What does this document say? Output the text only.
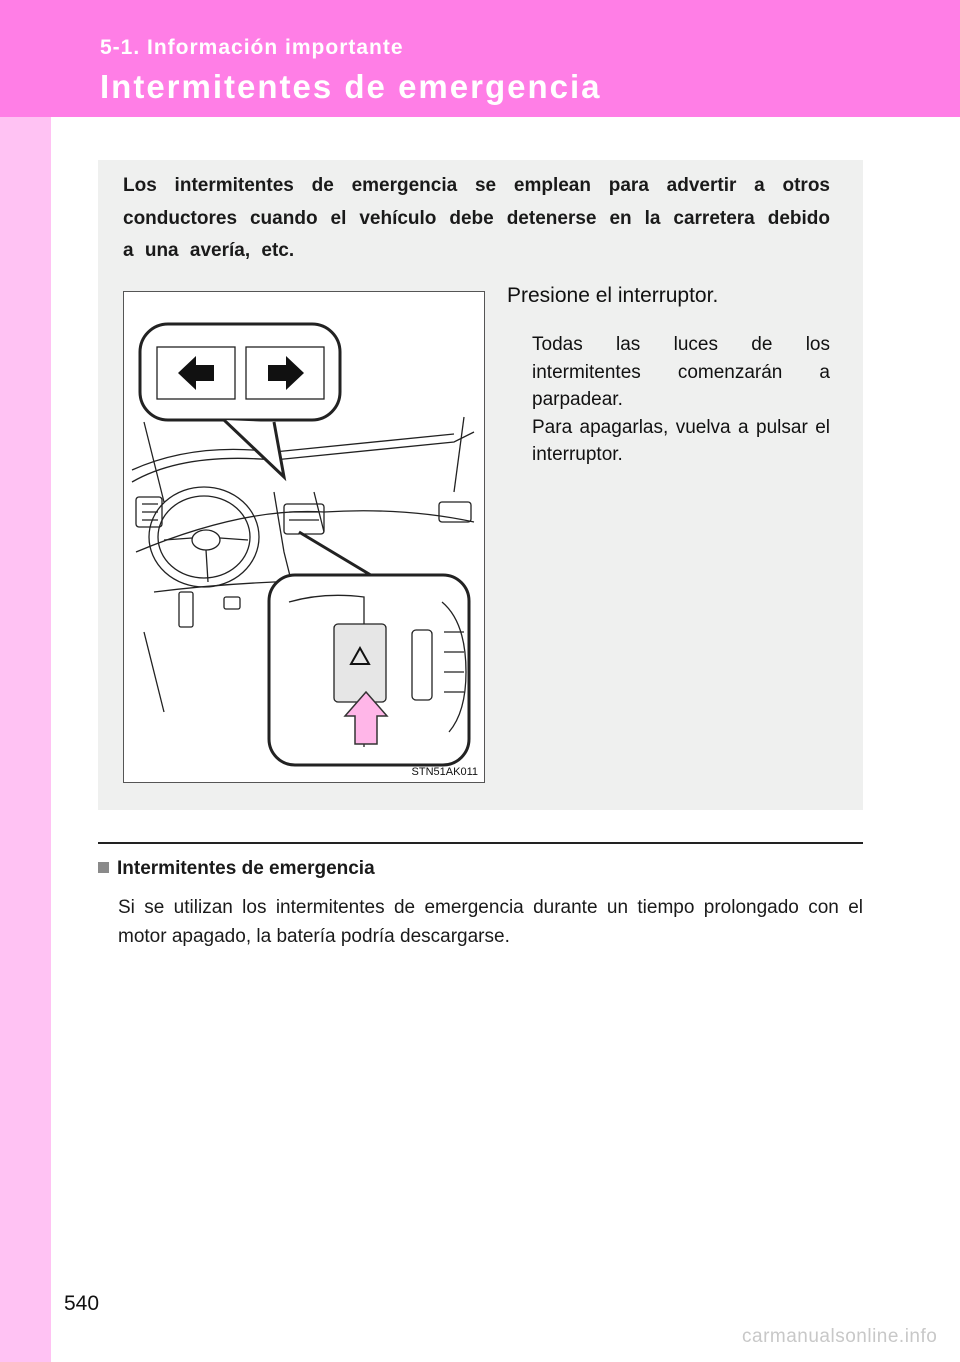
5-1. Información importante
Intermitentes de emergencia
Los intermitentes de emergencia se emplean para advertir a otros conductores cuando el vehículo debe detenerse en la carretera debido a una avería, etc.
STN51AK011
Presione el interruptor.

Todas las luces de los intermitentes comenzarán a parpadear.

Para apagarlas, vuelva a pulsar el interruptor.

Intermitentes de emergencia
Si se utilizan los intermitentes de emergencia durante un tiempo prolongado con el motor apagado, la batería podría descargarse.
540
carmanualsonline.info
